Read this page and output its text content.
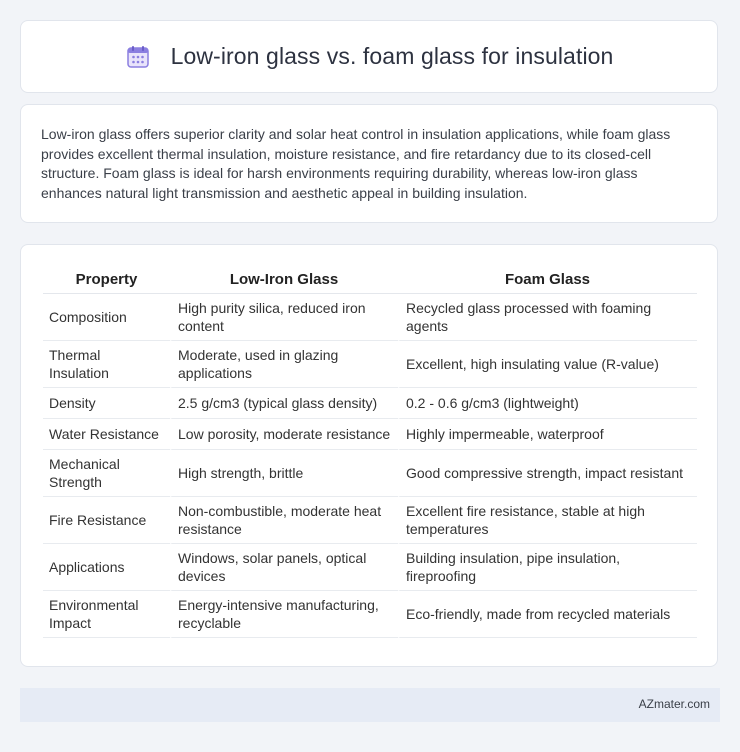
Low-iron glass vs. foam glass for insulation

Low-iron glass offers superior clarity and solar heat control in insulation applications, while foam glass provides excellent thermal insulation, moisture resistance, and fire retardancy due to its closed-cell structure. Foam glass is ideal for harsh environments requiring durability, whereas low-iron glass enhances natural light transmission and aesthetic appeal in building insulation.

Property	Low-Iron Glass	Foam Glass
Composition	High purity silica, reduced iron content	Recycled glass processed with foaming agents
Thermal Insulation	Moderate, used in glazing applications	Excellent, high insulating value (R-value)
Density	2.5 g/cm3 (typical glass density)	0.2 - 0.6 g/cm3 (lightweight)
Water Resistance	Low porosity, moderate resistance	Highly impermeable, waterproof
Mechanical Strength	High strength, brittle	Good compressive strength, impact resistant
Fire Resistance	Non-combustible, moderate heat resistance	Excellent fire resistance, stable at high temperatures
Applications	Windows, solar panels, optical devices	Building insulation, pipe insulation, fireproofing
Environmental Impact	Energy-intensive manufacturing, recyclable	Eco-friendly, made from recycled materials
AZmater.com
